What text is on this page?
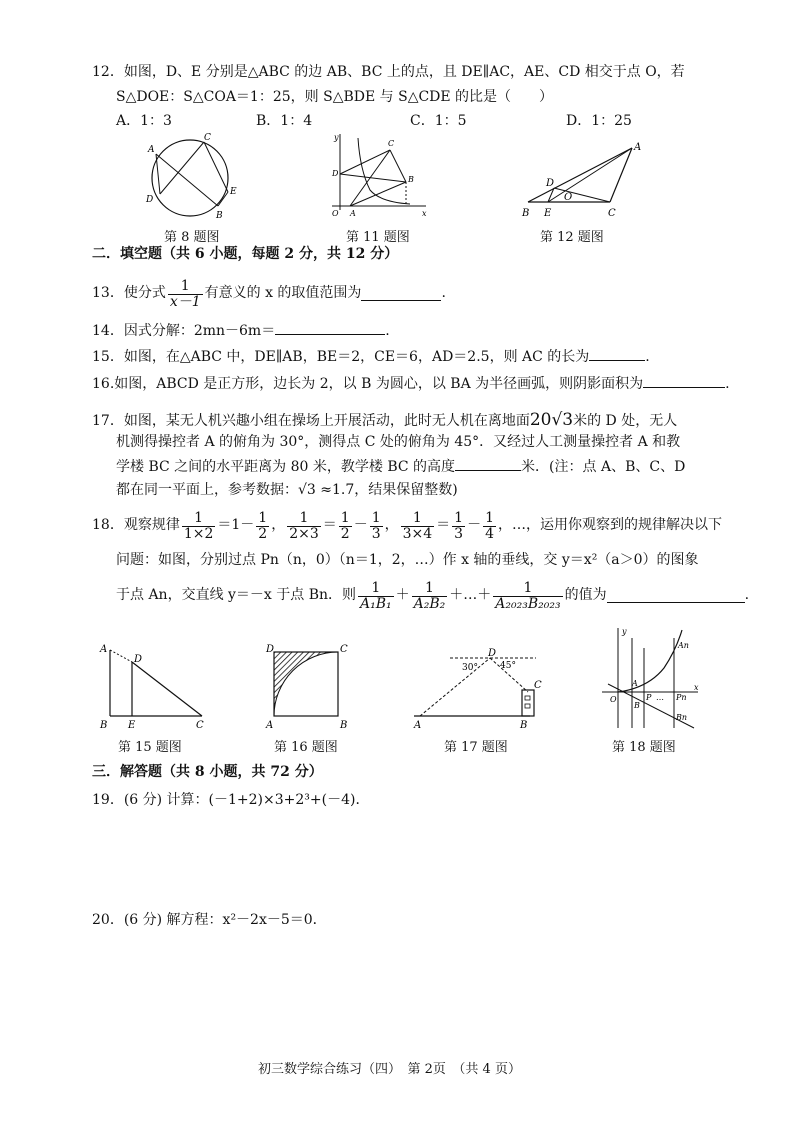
12．如图，D、E 分别是△ABC 的边 AB、BC 上的点，且 DE∥AC，AE、CD 相交于点 O，若
S△DOE：S△COA＝1：25，则 S△BDE 与 S△CDE 的比是（　　）
A．1：3	B．1：4	C．1：5	D．1：25
A
C
D
B
E
第 8 题图
y
C
D
B
O A	x
第 11 题图
A
D
O
B E	C
第 12 题图
二．填空题（共 6 小题，每题 2 分，共 12 分）
13．使分式 $\frac{1}{x-1}$ 有意义的 x 的取值范围为	.
14．因式分解：2mn－6m＝	.
15．如图，在△ABC 中，DE∥AB，BE＝2，CE＝6，AD＝2.5，则 AC 的长为	.
16.如图，ABCD 是正方形，边长为 2，以 B 为圆心，以 BA 为半径画弧，则阴影面积为	.
17．如图，某无人机兴趣小组在操场上开展活动，此时无人机在离地面20√3米的 D 处，无人
机测得操控者 A 的俯角为 30°，测得点 C 处的俯角为 45°．又经过人工测量操控者 A 和教
学楼 BC 之间的水平距离为 80 米，教学楼 BC 的高度	米．(注：点 A、B、C、D
都在同一平面上，参考数据：√3 ≈1.7，结果保留整数)
18．观察规律 $\frac{1}{1\times 2} =1- \frac{1}{2}$ ， $\frac{1}{2\times 3} = \frac{1}{2} - \frac{1}{3}$ ， $\frac{1}{3\times 4} = \frac{1}{3} - \frac{1}{4}$ ，…，运用你观察到的规律解决以下
问题：如图，分别过点 Pn（n，0）（n＝1，2，…）作 x 轴的垂线，交 y＝x²（a＞0）的图象
于点 An，交直线 y＝－x 于点 Bn．则 $\frac{1}{\text{A₁B₁}} + \frac{1}{\text{A₂B₂}}$ ＋…＋ $\frac{1}{\text{A₂₀₂₃B₂₀₂₃}}$ 的值为	.
A
D
B E	C
第 15 题图
D	C
A	B
第 16 题图
D
30° 45°
C
A	B
第 17 题图
y
An
A
O	P … Pn
x
B
Bn
第 18 题图
三．解答题（共 8 小题，共 72 分）
19．(6 分) 计算：(－1+2)×3+2³+(－4)．
20．(6 分) 解方程：x²－2x－5＝0．
初三数学综合练习（四）　第 2页　（共 4 页）
